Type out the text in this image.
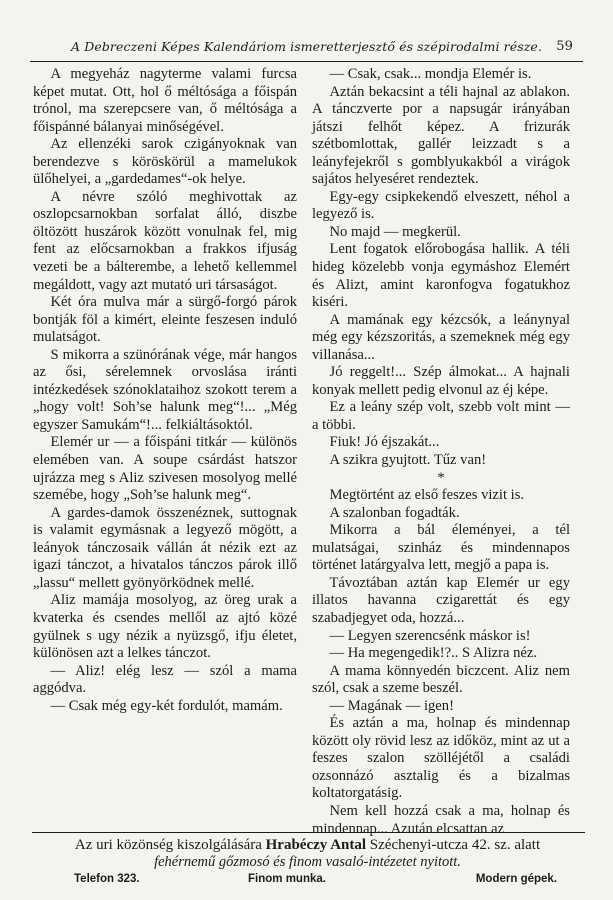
A Debreczeni Képes Kalendáriom ismeretterjesztő és szépirodalmi része. 59

A megyeház nagyterme valami furcsa képet mutat. Ott, hol ő méltósága a főispán trónol, ma szerepcsere van, ő méltósága a főispánné bálanyai minőségével.

Az ellenzéki sarok czigányoknak van berendezve s köröskörül a mamelukok ülőhelyei, a „gardedames“-ok helye.

A névre szóló meghivottak az oszlopcsarnokban sorfalat álló, diszbe öltözött huszárok között vonulnak fel, mig fent az előcsarnokban a frakkos ifjuság vezeti be a bálterembe, a lehető kellemmel megáldott, vagy azt mutató uri társaságot.

Két óra mulva már a sürgő-forgó párok bontják föl a kimért, eleinte feszesen induló mulatságot.

S mikorra a szünórának vége, már hangos az ősi, sérelemnek orvoslása iránti intézkedések szónoklataihoz szokott terem a „hogy volt! Soh’se halunk meg“!... „Még egyszer Samukám“!... felkiáltásoktól.

Elemér ur — a főispáni titkár — különös elemében van. A soupe csárdást hatszor ujrázza meg s Aliz szivesen mosolyog mellé szemébe, hogy „Soh’se halunk meg“.

A gardes-damok összenéznek, suttognak is valamit egymásnak a legyező mögött, a leányok tánczosaik vállán át nézik ezt az igazi tánczot, a hivatalos tánczos párok illő „lassu“ mellett gyönyörködnek mellé.

Aliz mamája mosolyog, az öreg urak a kvaterka és csendes mellől az ajtó közé gyülnek s ugy nézik a nyüzsgő, ifju életet, különösen azt a lelkes tánczot.

— Aliz! elég lesz — szól a mama aggódva.

— Csak még egy-két fordulót, mamám.

— Csak, csak... mondja Elemér is.

Aztán bekacsint a téli hajnal az ablakon. A tánczverte por a napsugár irányában játszi felhőt képez. A frizurák szétbomlottak, gallér leizzadt s a leányfejekről s gomblyukakból a virágok sajátos helyeséret rendeztek.

Egy-egy csipkekendő elveszett, néhol a legyező is.

No majd — megkerül.

Lent fogatok előrobogása hallik. A téli hideg közelebb vonja egymáshoz Elemért és Alizt, amint karonfogva fogatukhoz kiséri.

A mamának egy kézcsók, a leánynyal még egy kézszoritás, a szemeknek még egy villanása...

Jó reggelt!... Szép álmokat... A hajnali konyak mellett pedig elvonul az éj képe.

Ez a leány szép volt, szebb volt mint — a többi.

Fiuk! Jó éjszakát...

A szikra gyujtott. Tűz van!

*

Megtörtént az első feszes vizit is.

A szalonban fogadták.

Mikorra a bál éleményei, a tél mulatságai, szinház és mindennapos történet latárgyalva lett, megjő a papa is.

Távoztában aztán kap Elemér ur egy illatos havanna czigarettát és egy szabadjegyet oda, hozzá...

— Legyen szerencsénk máskor is!

— Ha megengedik!?.. S Alizra néz.

A mama könnyedén biczcent. Aliz nem szól, csak a szeme beszél.

— Magának — igen!

És aztán a ma, holnap és mindennap között oly rövid lesz az időköz, mint az ut a feszes szalon szölléjétől a családi ozsonnázó asztalig és a bizalmas koltatorgatásig.

Nem kell hozzá csak a ma, holnap és mindennap... Azután elcsattan az

Az uri közönség kiszolgálására Hrabéczy Antal Széchenyi-utcza 42. sz. alatt
fehérnemű gőzmosó és finom vasaló-intézetet nyitott.
Telefon 323.	Finom munka.	Modern gépek.
